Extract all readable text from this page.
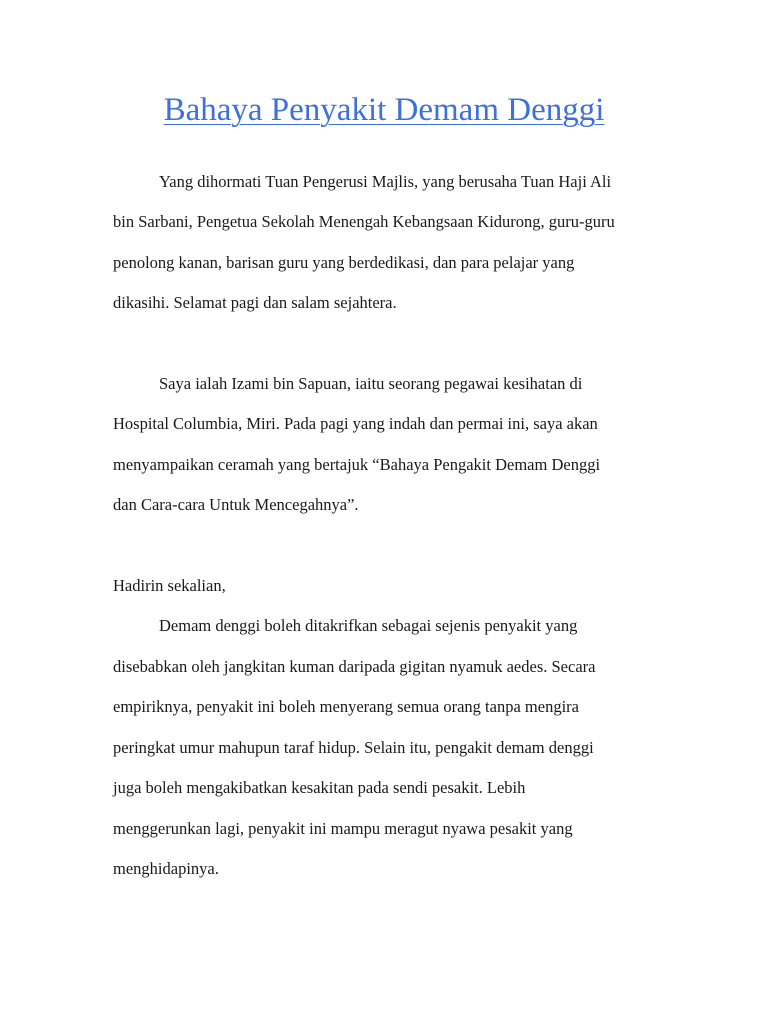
Bahaya Penyakit Demam Denggi

Yang dihormati Tuan Pengerusi Majlis, yang berusaha Tuan Haji Ali

bin Sarbani, Pengetua Sekolah Menengah Kebangsaan Kidurong, guru-guru

penolong kanan, barisan guru yang berdedikasi, dan para pelajar yang

dikasihi. Selamat pagi dan salam sejahtera.

Saya ialah Izami bin Sapuan, iaitu seorang pegawai kesihatan di

Hospital Columbia, Miri. Pada pagi yang indah dan permai ini, saya akan

menyampaikan ceramah yang bertajuk “Bahaya Pengakit Demam Denggi

dan Cara-cara Untuk Mencegahnya”.

Hadirin sekalian,

Demam denggi boleh ditakrifkan sebagai sejenis penyakit yang

disebabkan oleh jangkitan kuman daripada gigitan nyamuk aedes. Secara

empiriknya, penyakit ini boleh menyerang semua orang tanpa mengira

peringkat umur mahupun taraf hidup. Selain itu, pengakit demam denggi

juga boleh mengakibatkan kesakitan pada sendi pesakit. Lebih

menggerunkan lagi, penyakit ini mampu meragut nyawa pesakit yang

menghidapinya.
